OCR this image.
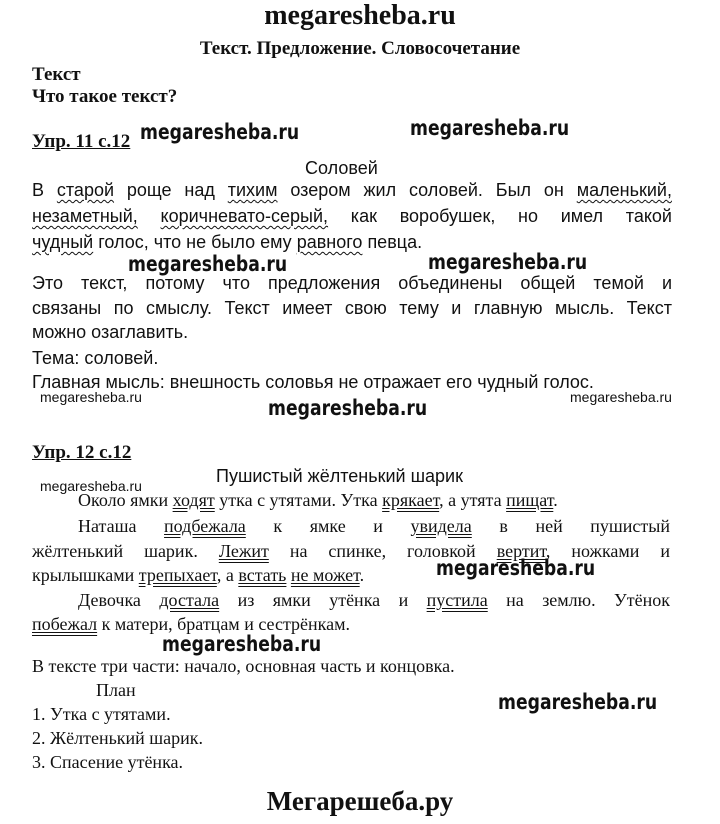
megaresheba.ru
Текст. Предложение. Словосочетание
Текст
Что такое текст?
Упр. 11 с.12 megaresheba.ru	megaresheba.ru
Соловей
В старой роще над тихим озером жил соловей. Был он маленький,
незаметный, коричневато-серый, как воробушек, но имел такой
чудный голос, что не было ему равного певца.
megaresheba.ru	megaresheba.ru
Это текст, потому что предложения объединены общей темой и
связаны по смыслу. Текст имеет свою тему и главную мысль. Текст
можно озаглавить.
Тема: соловей.
Главная мысль: внешность соловья не отражает его чудный голос.
megaresheba.ru	megaresheba.ru
megaresheba.ru
Упр. 12 с.12
Пушистый жёлтенький шарик
megaresheba.ru
Около ямки ходят утка с утятами. Утка крякает, а утята пищат.
Наташа подбежала к ямке и увидела в ней пушистый
жёлтенький шарик. Лежит на спинке, головкой вертит, ножками и
крылышками трепыхает, а встать не может.	megaresheba.ru
Девочка достала из ямки утёнка и пустила на землю. Утёнок
побежал к матери, братцам и сестрёнкам.
megaresheba.ru
В тексте три части: начало, основная часть и концовка.
План	megaresheba.ru
1. Утка с утятами.
2. Жёлтенький шарик.
3. Спасение утёнка.
Мегарешеба.ру
